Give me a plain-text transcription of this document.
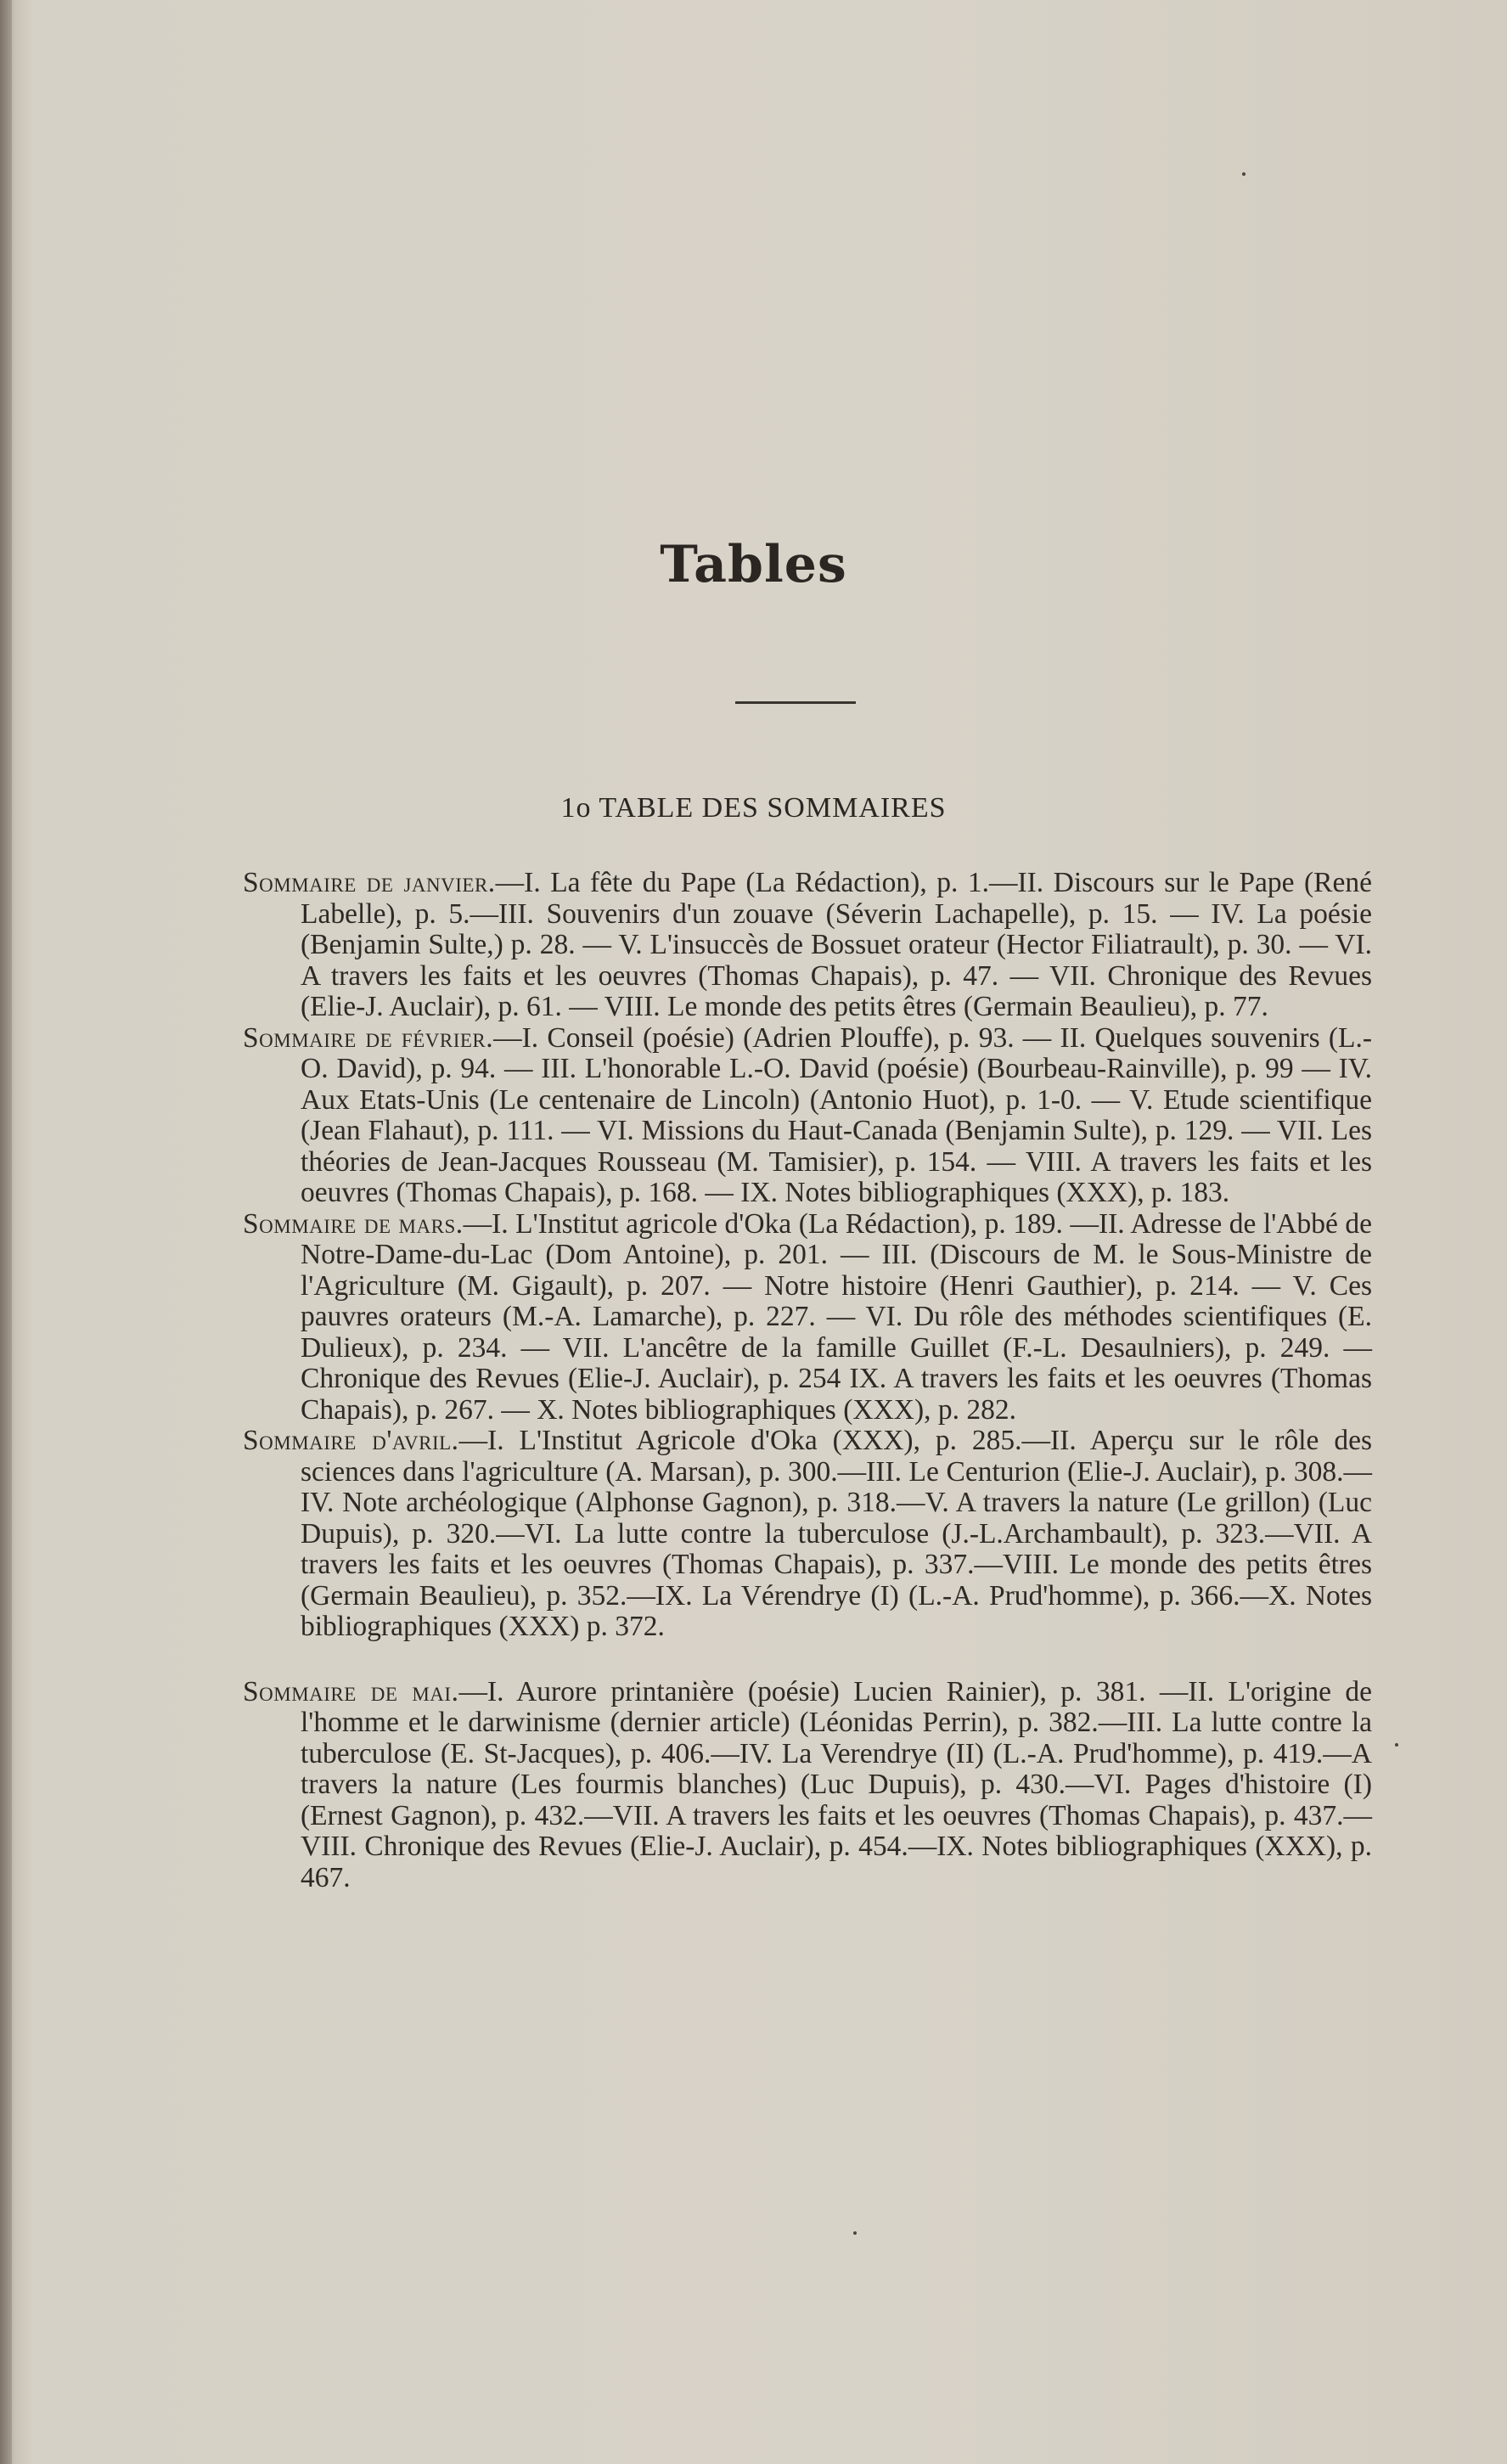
Tables
1o TABLE DES SOMMAIRES

Sommaire de janvier.—I. La fête du Pape (La Rédaction), p. 1.—II. Discours sur le Pape (René Labelle), p. 5.—III. Souvenirs d'un zouave (Séverin Lachapelle), p. 15. — IV. La poésie (Benjamin Sulte,) p. 28. — V. L'insuccès de Bossuet orateur (Hector Filiatrault), p. 30. — VI. A travers les faits et les oeuvres (Thomas Chapais), p. 47. — VII. Chronique des Revues (Elie-J. Auclair), p. 61. — VIII. Le monde des petits êtres (Germain Beaulieu), p. 77.

Sommaire de février.—I. Conseil (poésie) (Adrien Plouffe), p. 93. — II. Quelques souvenirs (L.-O. David), p. 94. — III. L'honorable L.-O. David (poésie) (Bourbeau-Rainville), p. 99 — IV. Aux Etats-Unis (Le centenaire de Lincoln) (Antonio Huot), p. 1-0. — V. Etude scientifique (Jean Flahaut), p. 111. — VI. Missions du Haut-Canada (Benjamin Sulte), p. 129. — VII. Les théories de Jean-Jacques Rousseau (M. Tamisier), p. 154. — VIII. A travers les faits et les oeuvres (Thomas Chapais), p. 168. — IX. Notes bibliographiques (XXX), p. 183.

Sommaire de mars.—I. L'Institut agricole d'Oka (La Rédaction), p. 189. —II. Adresse de l'Abbé de Notre-Dame-du-Lac (Dom Antoine), p. 201. — III. (Discours de M. le Sous-Ministre de l'Agriculture (M. Gigault), p. 207. — Notre histoire (Henri Gauthier), p. 214. — V. Ces pauvres orateurs (M.-A. Lamarche), p. 227. — VI. Du rôle des méthodes scientifiques (E. Dulieux), p. 234. — VII. L'ancêtre de la famille Guillet (F.-L. Desaulniers), p. 249. — Chronique des Revues (Elie-J. Auclair), p. 254 IX. A travers les faits et les oeuvres (Thomas Chapais), p. 267. — X. Notes bibliographiques (XXX), p. 282.

Sommaire d'avril.—I. L'Institut Agricole d'Oka (XXX), p. 285.—II. Aperçu sur le rôle des sciences dans l'agriculture (A. Marsan), p. 300.—III. Le Centurion (Elie-J. Auclair), p. 308.—IV. Note archéologique (Alphonse Gagnon), p. 318.—V. A travers la nature (Le grillon) (Luc Dupuis), p. 320.—VI. La lutte contre la tuberculose (J.-L.Archambault), p. 323.—VII. A travers les faits et les oeuvres (Thomas Chapais), p. 337.—VIII. Le monde des petits êtres (Germain Beaulieu), p. 352.—IX. La Vérendrye (I) (L.-A. Prud'homme), p. 366.—X. Notes bibliographiques (XXX) p. 372.

Sommaire de mai.—I. Aurore printanière (poésie) Lucien Rainier), p. 381. —II. L'origine de l'homme et le darwinisme (dernier article) (Léonidas Perrin), p. 382.—III. La lutte contre la tuberculose (E. St-Jacques), p. 406.—IV. La Verendrye (II) (L.-A. Prud'homme), p. 419.—A travers la nature (Les fourmis blanches) (Luc Dupuis), p. 430.—VI. Pages d'histoire (I) (Ernest Gagnon), p. 432.—VII. A travers les faits et les oeuvres (Thomas Chapais), p. 437.—VIII. Chronique des Revues (Elie-J. Auclair), p. 454.—IX. Notes bibliographiques (XXX), p. 467.
